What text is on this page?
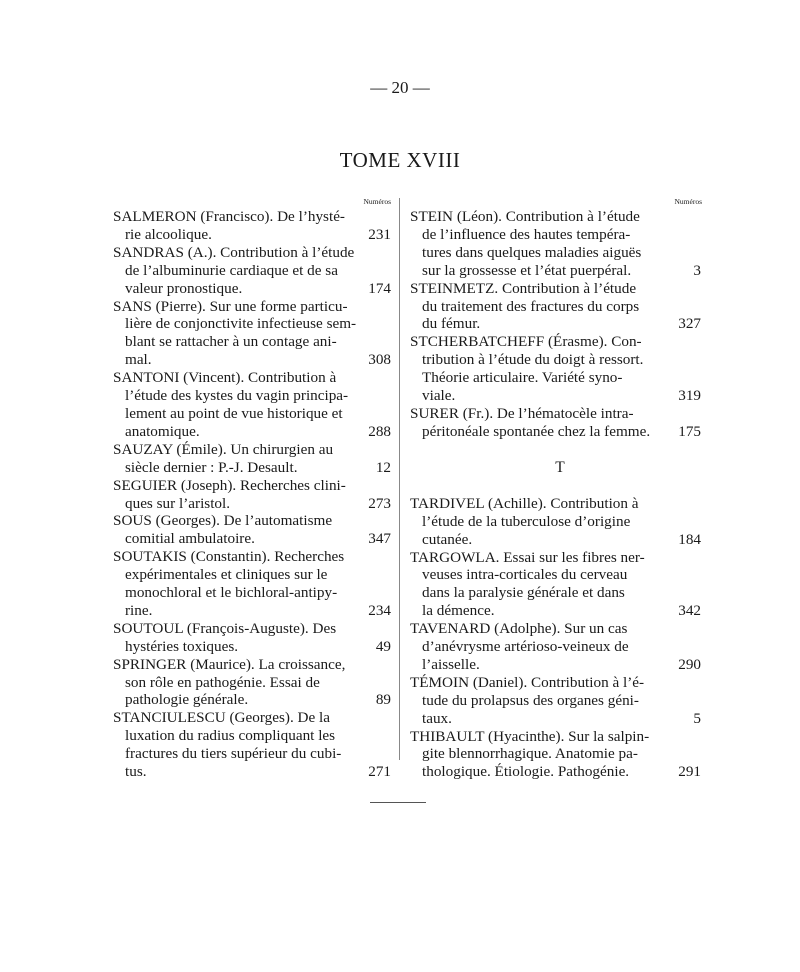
— 20 —
TOME XVIII
Numéros
SALMERON (Francisco). De l’hysté-
rie alcoolique.	231
SANDRAS (A.). Contribution à l’étude
de l’albuminurie cardiaque et de sa
valeur pronostique.	174
SANS (Pierre). Sur une forme particu-
lière de conjonctivite infectieuse sem-
blant se rattacher à un contage ani-
mal.	308
SANTONI (Vincent). Contribution à
l’étude des kystes du vagin principa-
lement au point de vue historique et
anatomique.	288
SAUZAY (Émile). Un chirurgien au
siècle dernier : P.-J. Desault.	12
SEGUIER (Joseph). Recherches clini-
ques sur l’aristol.	273
SOUS (Georges). De l’automatisme
comitial ambulatoire.	347
SOUTAKIS (Constantin). Recherches
expérimentales et cliniques sur le
monochloral et le bichloral-antipy-
rine.	234
SOUTOUL (François-Auguste). Des
hystéries toxiques.	49
SPRINGER (Maurice). La croissance,
son rôle en pathogénie. Essai de
pathologie générale.	89
STANCIULESCU (Georges). De la
luxation du radius compliquant les
fractures du tiers supérieur du cubi-
tus.	271
Numéros
STEIN (Léon). Contribution à l’étude
de l’influence des hautes tempéra-
tures dans quelques maladies aiguës
sur la grossesse et l’état puerpéral.	3
STEINMETZ. Contribution à l’étude
du traitement des fractures du corps
du fémur.	327
STCHERBATCHEFF (Érasme). Con-
tribution à l’étude du doigt à ressort.
Théorie articulaire. Variété syno-
viale.	319
SURER (Fr.). De l’hématocèle intra-
péritonéale spontanée chez la femme.	175
T
TARDIVEL (Achille). Contribution à
l’étude de la tuberculose d’origine
cutanée.	184
TARGOWLA. Essai sur les fibres ner-
veuses intra-corticales du cerveau
dans la paralysie générale et dans
la démence.	342
TAVENARD (Adolphe). Sur un cas
d’anévrysme artérioso-veineux de
l’aisselle.	290
TÉMOIN (Daniel). Contribution à l’é-
tude du prolapsus des organes géni-
taux.	5
THIBAULT (Hyacinthe). Sur la salpin-
gite blennorrhagique. Anatomie pa-
thologique. Étiologie. Pathogénie.	291
